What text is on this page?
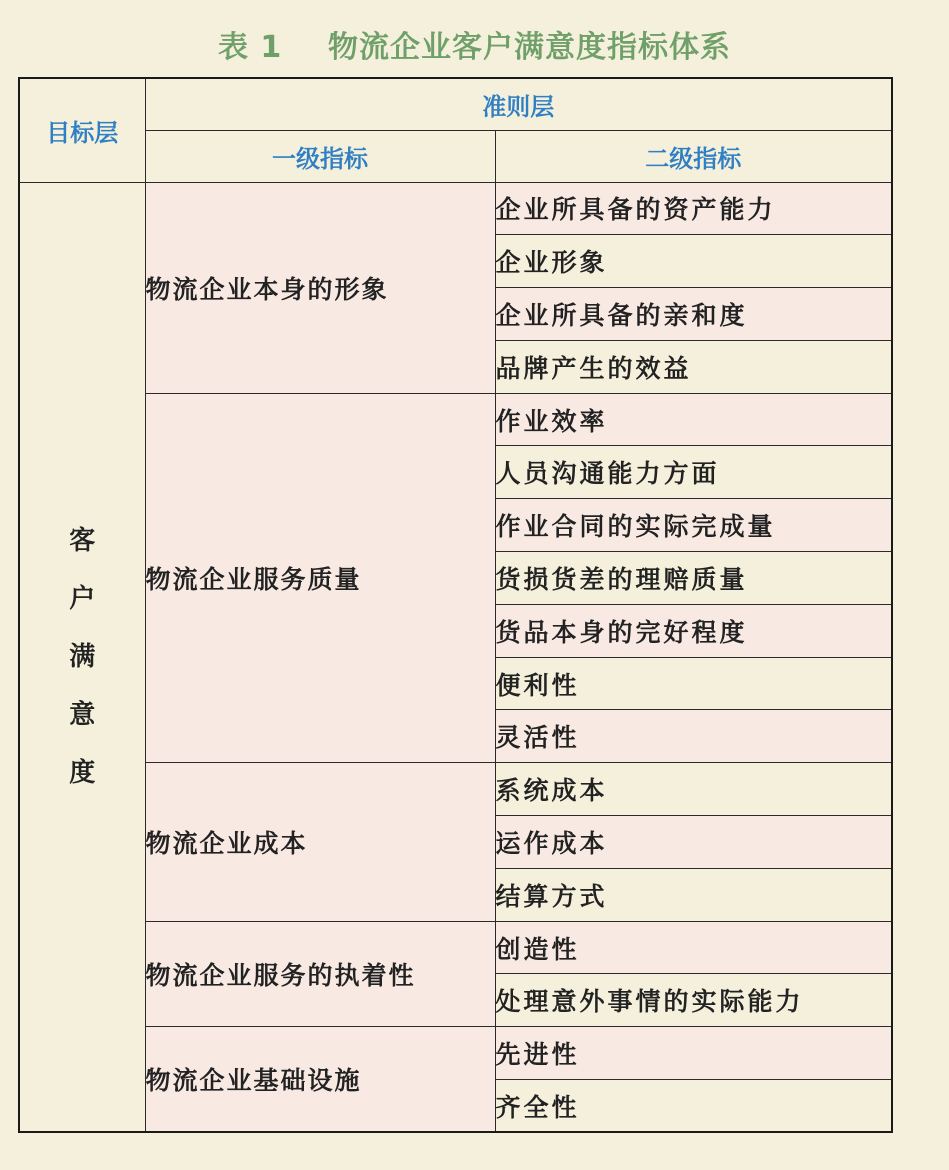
表 1    物流企业客户满意度指标体系
目标层	准则层	
	一级指标	二级指标

客
户
满
意
度	物流企业本身的形象	企业所具备的资产能力
		企业形象
		企业所具备的亲和度
		品牌产生的效益
	物流企业服务质量	作业效率
		人员沟通能力方面
		作业合同的实际完成量
		货损货差的理赔质量
		货品本身的完好程度
		便利性
		灵活性
	物流企业成本	系统成本
		运作成本
		结算方式
	物流企业服务的执着性	创造性
		处理意外事情的实际能力
	物流企业基础设施	先进性
		齐全性
